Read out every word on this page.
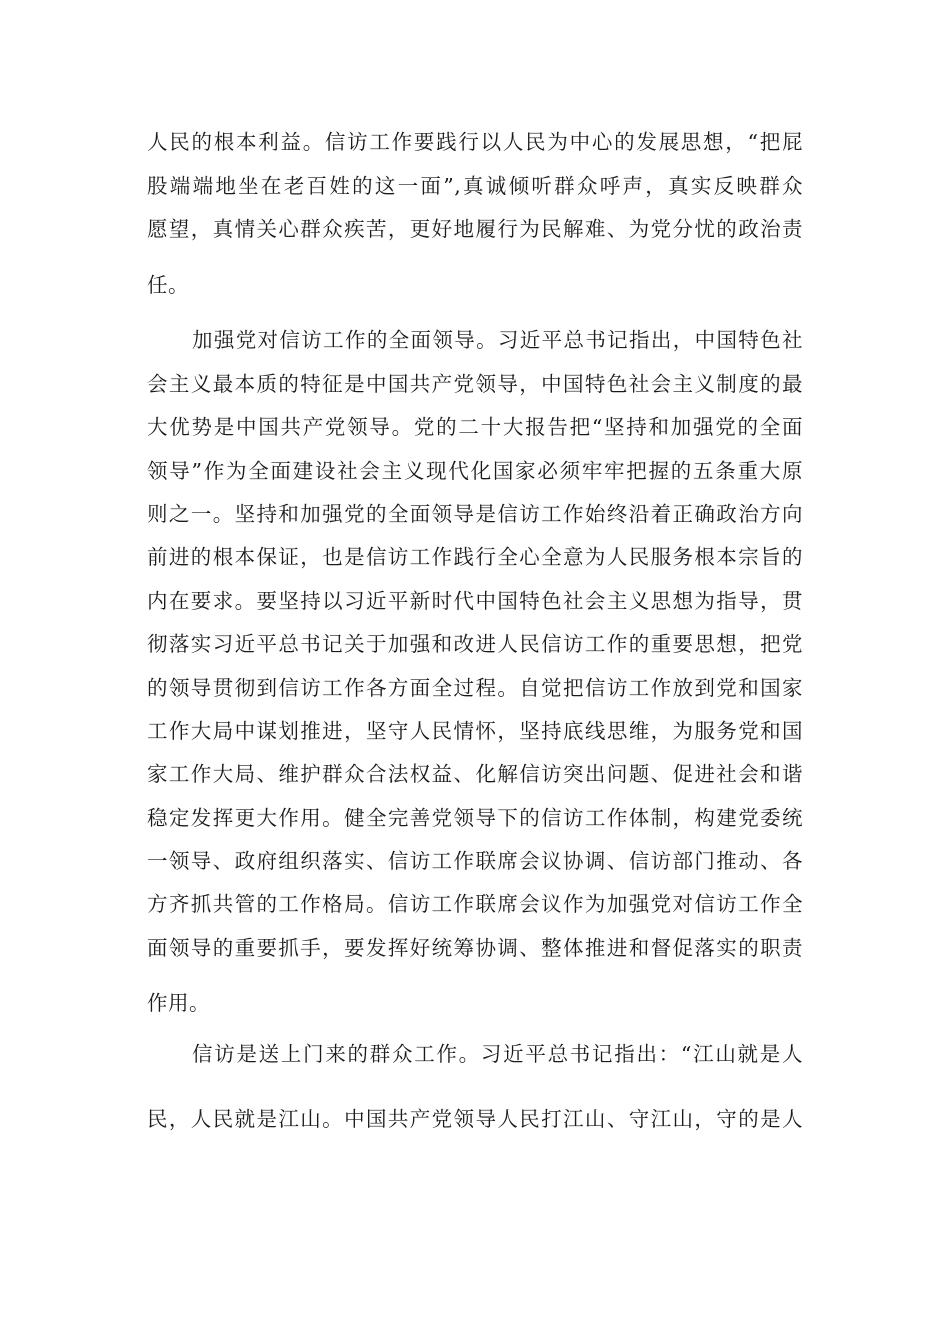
人民的根本利益。信访工作要践行以人民为中心的发展思想，“把屁
股端端地坐在老百姓的这一面”,真诚倾听群众呼声，真实反映群众
愿望，真情关心群众疾苦，更好地履行为民解难、为党分忧的政治责
任。
加强党对信访工作的全面领导。习近平总书记指出，中国特色社
会主义最本质的特征是中国共产党领导，中国特色社会主义制度的最
大优势是中国共产党领导。党的二十大报告把“坚持和加强党的全面
领导”作为全面建设社会主义现代化国家必须牢牢把握的五条重大原
则之一。坚持和加强党的全面领导是信访工作始终沿着正确政治方向
前进的根本保证，也是信访工作践行全心全意为人民服务根本宗旨的
内在要求。要坚持以习近平新时代中国特色社会主义思想为指导，贯
彻落实习近平总书记关于加强和改进人民信访工作的重要思想，把党
的领导贯彻到信访工作各方面全过程。自觉把信访工作放到党和国家
工作大局中谋划推进，坚守人民情怀，坚持底线思维，为服务党和国
家工作大局、维护群众合法权益、化解信访突出问题、促进社会和谐
稳定发挥更大作用。健全完善党领导下的信访工作体制，构建党委统
一领导、政府组织落实、信访工作联席会议协调、信访部门推动、各
方齐抓共管的工作格局。信访工作联席会议作为加强党对信访工作全
面领导的重要抓手，要发挥好统筹协调、整体推进和督促落实的职责
作用。
信访是送上门来的群众工作。习近平总书记指出：“江山就是人
民，人民就是江山。中国共产党领导人民打江山、守江山，守的是人
